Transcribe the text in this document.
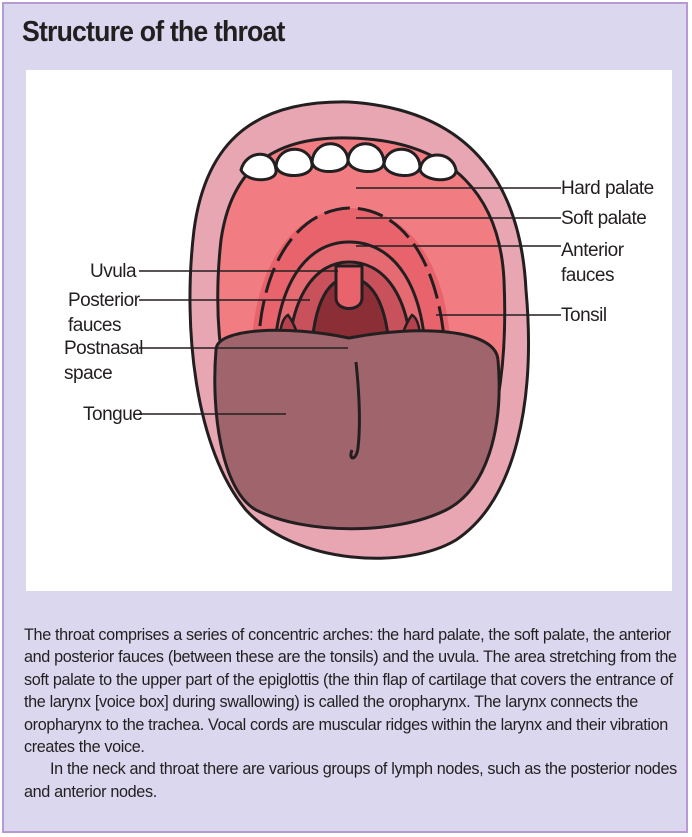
Structure of the throat
Hard palate
Soft palate
Anterior
fauces
Tonsil
Uvula
Posterior
fauces
Postnasal
space
Tongue

The throat comprises a series of concentric arches: the hard palate, the soft palate, the anterior and posterior fauces (between these are the tonsils) and the uvula. The area stretching from the soft palate to the upper part of the epiglottis (the thin flap of cartilage that covers the entrance of the larynx [voice box] during swallowing) is called the oropharynx. The larynx connects the oropharynx to the trachea. Vocal cords are muscular ridges within the larynx and their vibration creates the voice.

In the neck and throat there are various groups of lymph nodes, such as the posterior nodes and anterior nodes.
